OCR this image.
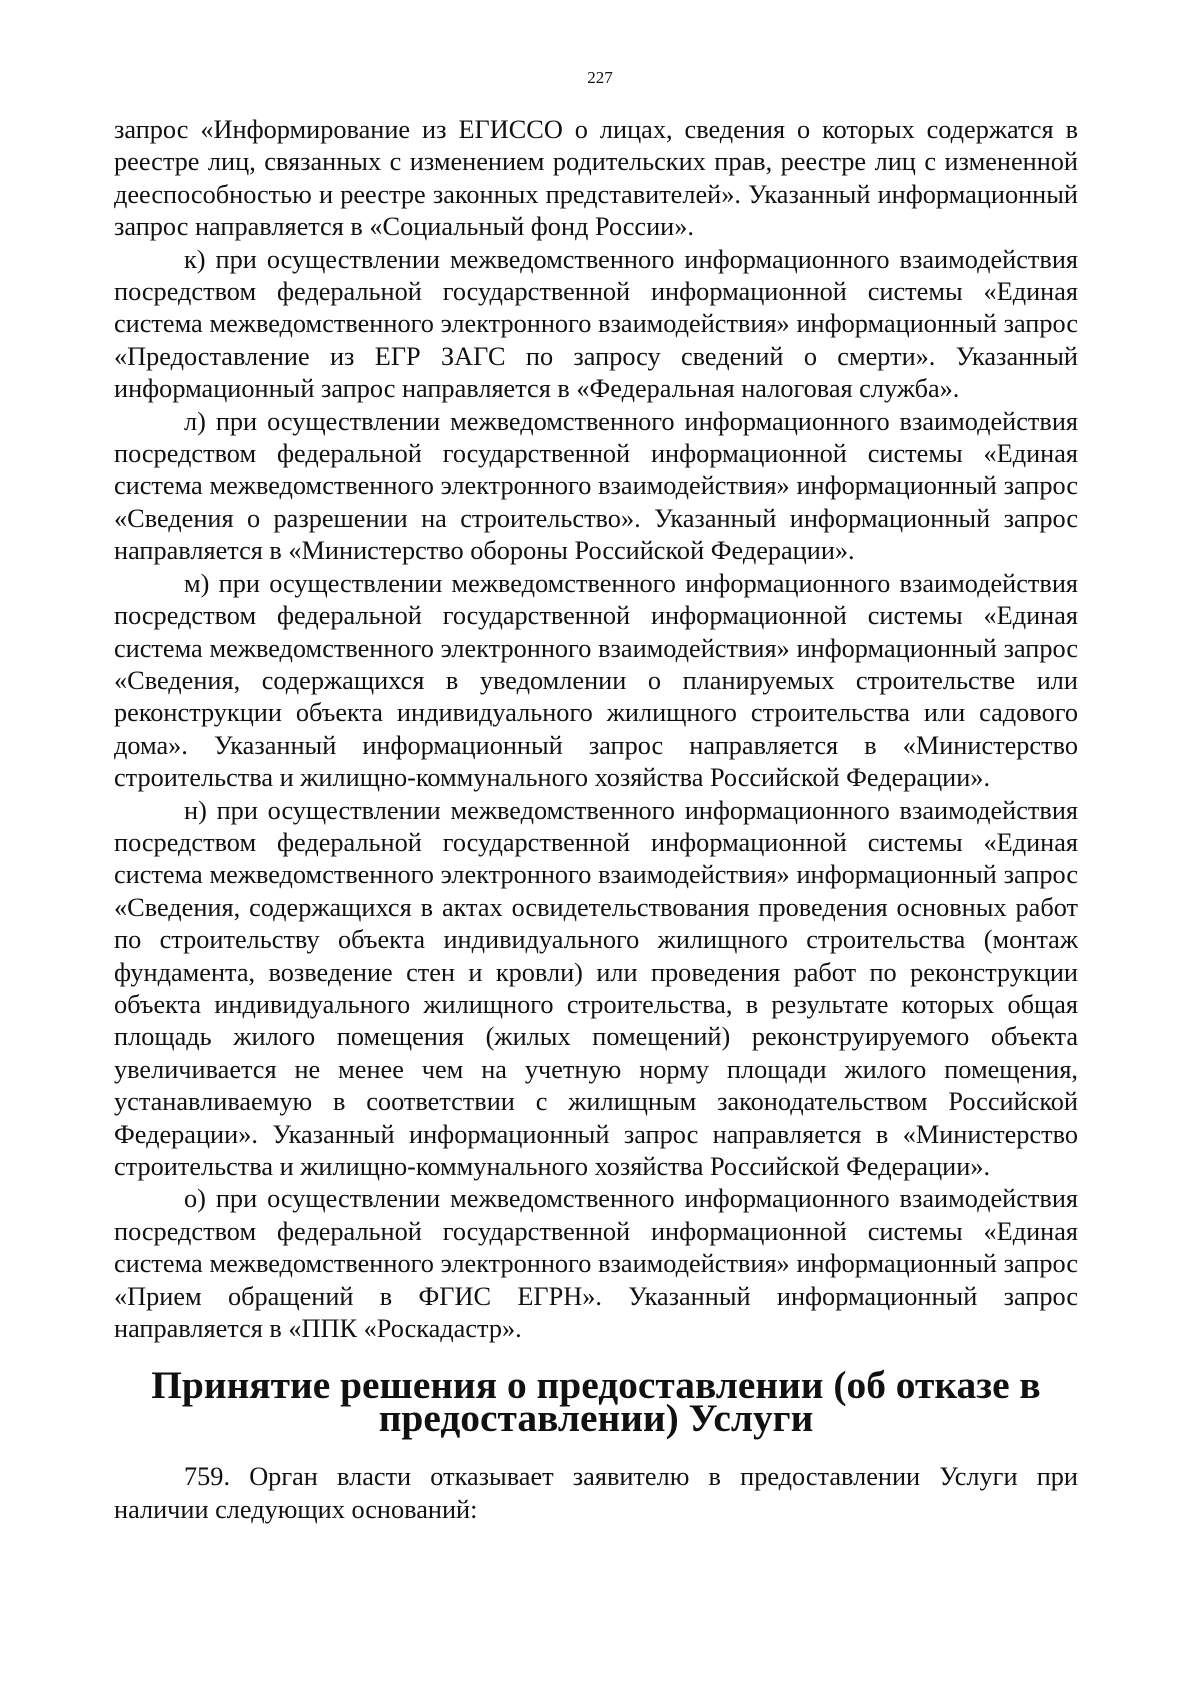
227

запрос «Информирование из ЕГИССО о лицах, сведения о которых содержатся в реестре лиц, связанных с изменением родительских прав, реестре лиц с измененной дееспособностью и реестре законных представителей». Указанный информационный запрос направляется в «Социальный фонд России».

к) при осуществлении межведомственного информационного взаимодействия посредством федеральной государственной информационной системы «Единая система межведомственного электронного взаимодействия» информационный запрос «Предоставление из ЕГР ЗАГС по запросу сведений о смерти». Указанный информационный запрос направляется в «Федеральная налоговая служба».

л) при осуществлении межведомственного информационного взаимодействия посредством федеральной государственной информационной системы «Единая система межведомственного электронного взаимодействия» информационный запрос «Сведения о разрешении на строительство». Указанный информационный запрос направляется в «Министерство обороны Российской Федерации».

м) при осуществлении межведомственного информационного взаимодействия посредством федеральной государственной информационной системы «Единая система межведомственного электронного взаимодействия» информационный запрос «Сведения, содержащихся в уведомлении о планируемых строительстве или реконструкции объекта индивидуального жилищного строительства или садового дома». Указанный информационный запрос направляется в «Министерство строительства и жилищно-коммунального хозяйства Российской Федерации».

н) при осуществлении межведомственного информационного взаимодействия посредством федеральной государственной информационной системы «Единая система межведомственного электронного взаимодействия» информационный запрос «Сведения, содержащихся в актах освидетельствования проведения основных работ по строительству объекта индивидуального жилищного строительства (монтаж фундамента, возведение стен и кровли) или проведения работ по реконструкции объекта индивидуального жилищного строительства, в результате которых общая площадь жилого помещения (жилых помещений) реконструируемого объекта увеличивается не менее чем на учетную норму площади жилого помещения, устанавливаемую в соответствии с жилищным законодательством Российской Федерации». Указанный информационный запрос направляется в «Министерство строительства и жилищно-коммунального хозяйства Российской Федерации».

о) при осуществлении межведомственного информационного взаимодействия посредством федеральной государственной информационной системы «Единая система межведомственного электронного взаимодействия» информационный запрос «Прием обращений в ФГИС ЕГРН». Указанный информационный запрос направляется в «ППК «Роскадастр».

Принятие решения о предоставлении (об отказе в предоставлении) Услуги

759. Орган власти отказывает заявителю в предоставлении Услуги при наличии следующих оснований:
